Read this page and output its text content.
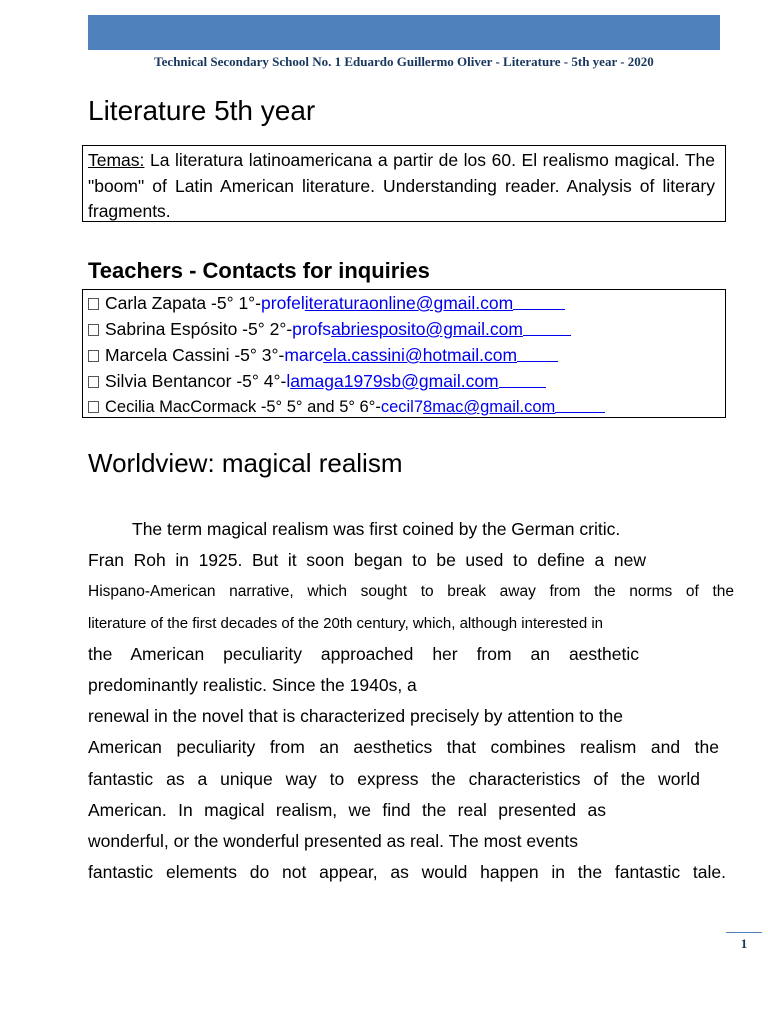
Technical Secondary School No. 1 Eduardo Guillermo Oliver - Literature - 5th year - 2020
Literature 5th year
Temas: La literatura latinoamericana a partir de los 60. El realismo magical. The "boom" of Latin American literature. Understanding reader. Analysis of literary fragments.
Teachers - Contacts for inquiries
Carla Zapata -5° 1°-profeliteraturaonline@gmail.com
Sabrina Espósito -5° 2°-profsabriesposito@gmail.com
Marcela Cassini -5° 3°-marcela.cassini@hotmail.com
Silvia Bentancor -5° 4°-lamaga1979sb@gmail.com
Cecilia MacCormack -5° 5° and 5° 6°-cecil78mac@gmail.com
Worldview: magical realism
The term magical realism was first coined by the German critic.
Fran Roh in 1925. But it soon began to be used to define a new
Hispano-American narrative, which sought to break away from the norms of the
literature of the first decades of the 20th century, which, although interested in
the American peculiarity approached her from an aesthetic
predominantly realistic. Since the 1940s, a
renewal in the novel that is characterized precisely by attention to the
American peculiarity from an aesthetics that combines realism and the
fantastic as a unique way to express the characteristics of the world
American. In magical realism, we find the real presented as
wonderful, or the wonderful presented as real. The most events
fantastic elements do not appear, as would happen in the fantastic tale.
1
